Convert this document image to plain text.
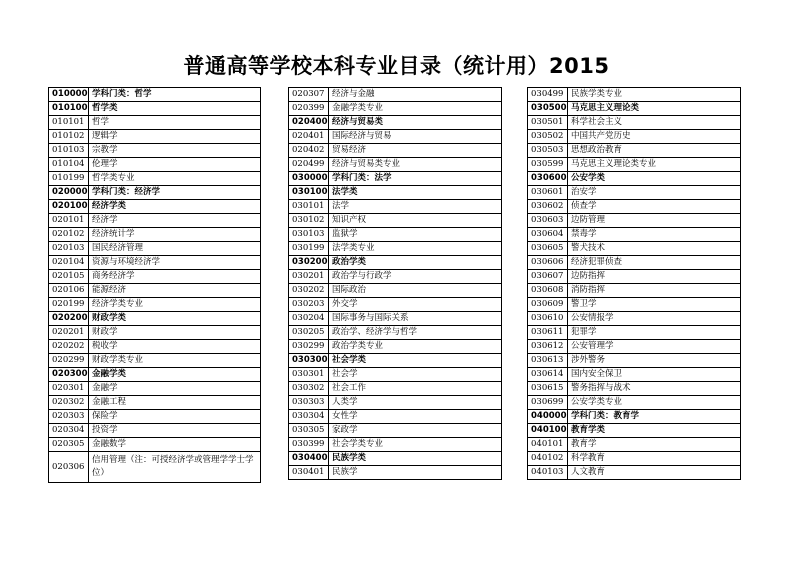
普通高等学校本科专业目录（统计用）2015
010000	学科门类：哲学
010100	哲学类
010101	哲学
010102	逻辑学
010103	宗教学
010104	伦理学
010199	哲学类专业
020000	学科门类：经济学
020100	经济学类
020101	经济学
020102	经济统计学
020103	国民经济管理
020104	资源与环境经济学
020105	商务经济学
020106	能源经济
020199	经济学类专业
020200	财政学类
020201	财政学
020202	税收学
020299	财政学类专业
020300	金融学类
020301	金融学
020302	金融工程
020303	保险学
020304	投资学
020305	金融数学
020306	信用管理（注：可授经济学或管理学学士学位）
020307	经济与金融
020399	金融学类专业
020400	经济与贸易类
020401	国际经济与贸易
020402	贸易经济
020499	经济与贸易类专业
030000	学科门类：法学
030100	法学类
030101	法学
030102	知识产权
030103	监狱学
030199	法学类专业
030200	政治学类
030201	政治学与行政学
030202	国际政治
030203	外交学
030204	国际事务与国际关系
030205	政治学、经济学与哲学
030299	政治学类专业
030300	社会学类
030301	社会学
030302	社会工作
030303	人类学
030304	女性学
030305	家政学
030399	社会学类专业
030400	民族学类
030401	民族学
030499	民族学类专业
030500	马克思主义理论类
030501	科学社会主义
030502	中国共产党历史
030503	思想政治教育
030599	马克思主义理论类专业
030600	公安学类
030601	治安学
030602	侦查学
030603	边防管理
030604	禁毒学
030605	警犬技术
030606	经济犯罪侦查
030607	边防指挥
030608	消防指挥
030609	警卫学
030610	公安情报学
030611	犯罪学
030612	公安管理学
030613	涉外警务
030614	国内安全保卫
030615	警务指挥与战术
030699	公安学类专业
040000	学科门类：教育学
040100	教育学类
040101	教育学
040102	科学教育
040103	人文教育
